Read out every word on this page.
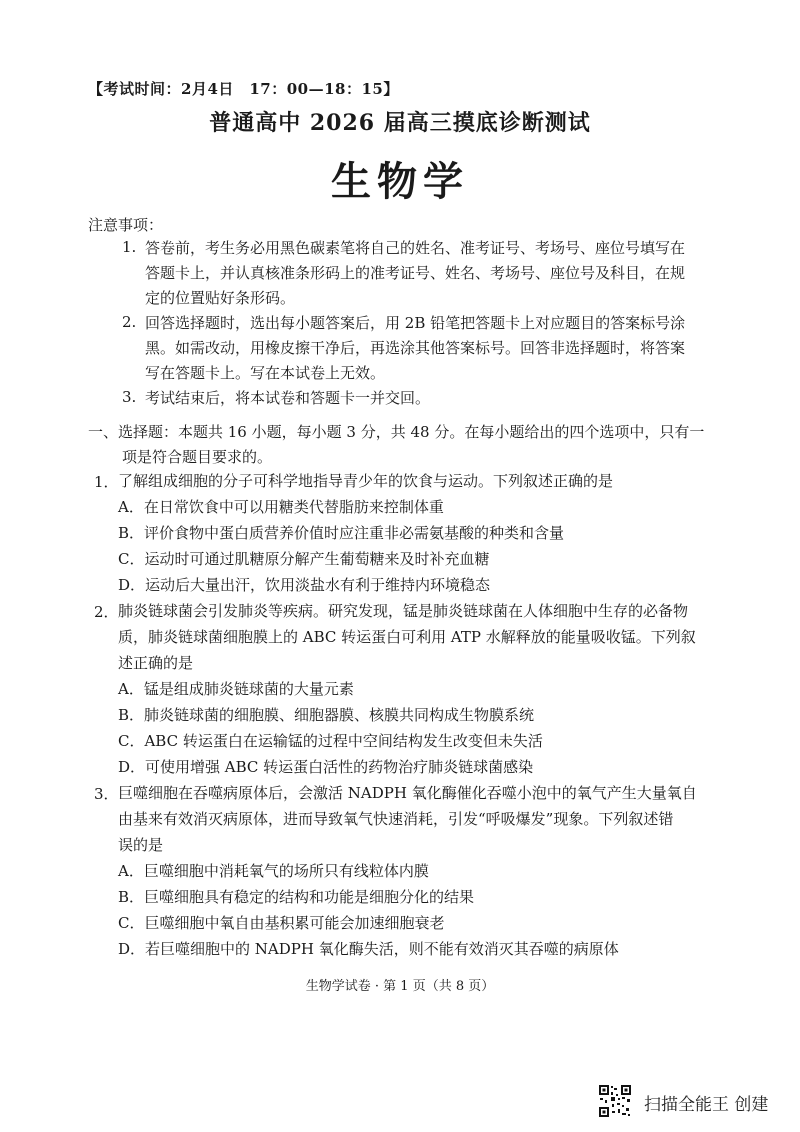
【考试时间：2月4日　17：00—18：15】
普通高中 2026 届高三摸底诊断测试
生物学
注意事项：
1. 答卷前，考生务必用黑色碳素笔将自己的姓名、准考证号、考场号、座位号填写在
答题卡上，并认真核准条形码上的准考证号、姓名、考场号、座位号及科目，在规
定的位置贴好条形码。
2. 回答选择题时，选出每小题答案后，用 2B 铅笔把答题卡上对应题目的答案标号涂
黑。如需改动，用橡皮擦干净后，再选涂其他答案标号。回答非选择题时，将答案
写在答题卡上。写在本试卷上无效。
3. 考试结束后，将本试卷和答题卡一并交回。
一、选择题：本题共 16 小题，每小题 3 分，共 48 分。在每小题给出的四个选项中，只有一
项是符合题目要求的。
1． 了解组成细胞的分子可科学地指导青少年的饮食与运动。下列叙述正确的是
A．在日常饮食中可以用糖类代替脂肪来控制体重
B．评价食物中蛋白质营养价值时应注重非必需氨基酸的种类和含量
C．运动时可通过肌糖原分解产生葡萄糖来及时补充血糖
D．运动后大量出汗，饮用淡盐水有利于维持内环境稳态
2． 肺炎链球菌会引发肺炎等疾病。研究发现，锰是肺炎链球菌在人体细胞中生存的必备物
质，肺炎链球菌细胞膜上的 ABC 转运蛋白可利用 ATP 水解释放的能量吸收锰。下列叙
述正确的是
A．锰是组成肺炎链球菌的大量元素
B．肺炎链球菌的细胞膜、细胞器膜、核膜共同构成生物膜系统
C．ABC 转运蛋白在运输锰的过程中空间结构发生改变但未失活
D．可使用增强 ABC 转运蛋白活性的药物治疗肺炎链球菌感染
3． 巨噬细胞在吞噬病原体后，会激活 NADPH 氧化酶催化吞噬小泡中的氧气产生大量氧自
由基来有效消灭病原体，进而导致氧气快速消耗，引发“呼吸爆发”现象。下列叙述错
误的是
A．巨噬细胞中消耗氧气的场所只有线粒体内膜
B．巨噬细胞具有稳定的结构和功能是细胞分化的结果
C．巨噬细胞中氧自由基积累可能会加速细胞衰老
D．若巨噬细胞中的 NADPH 氧化酶失活，则不能有效消灭其吞噬的病原体
生物学试卷 · 第 1 页（共 8 页）
扫描全能王 创建
